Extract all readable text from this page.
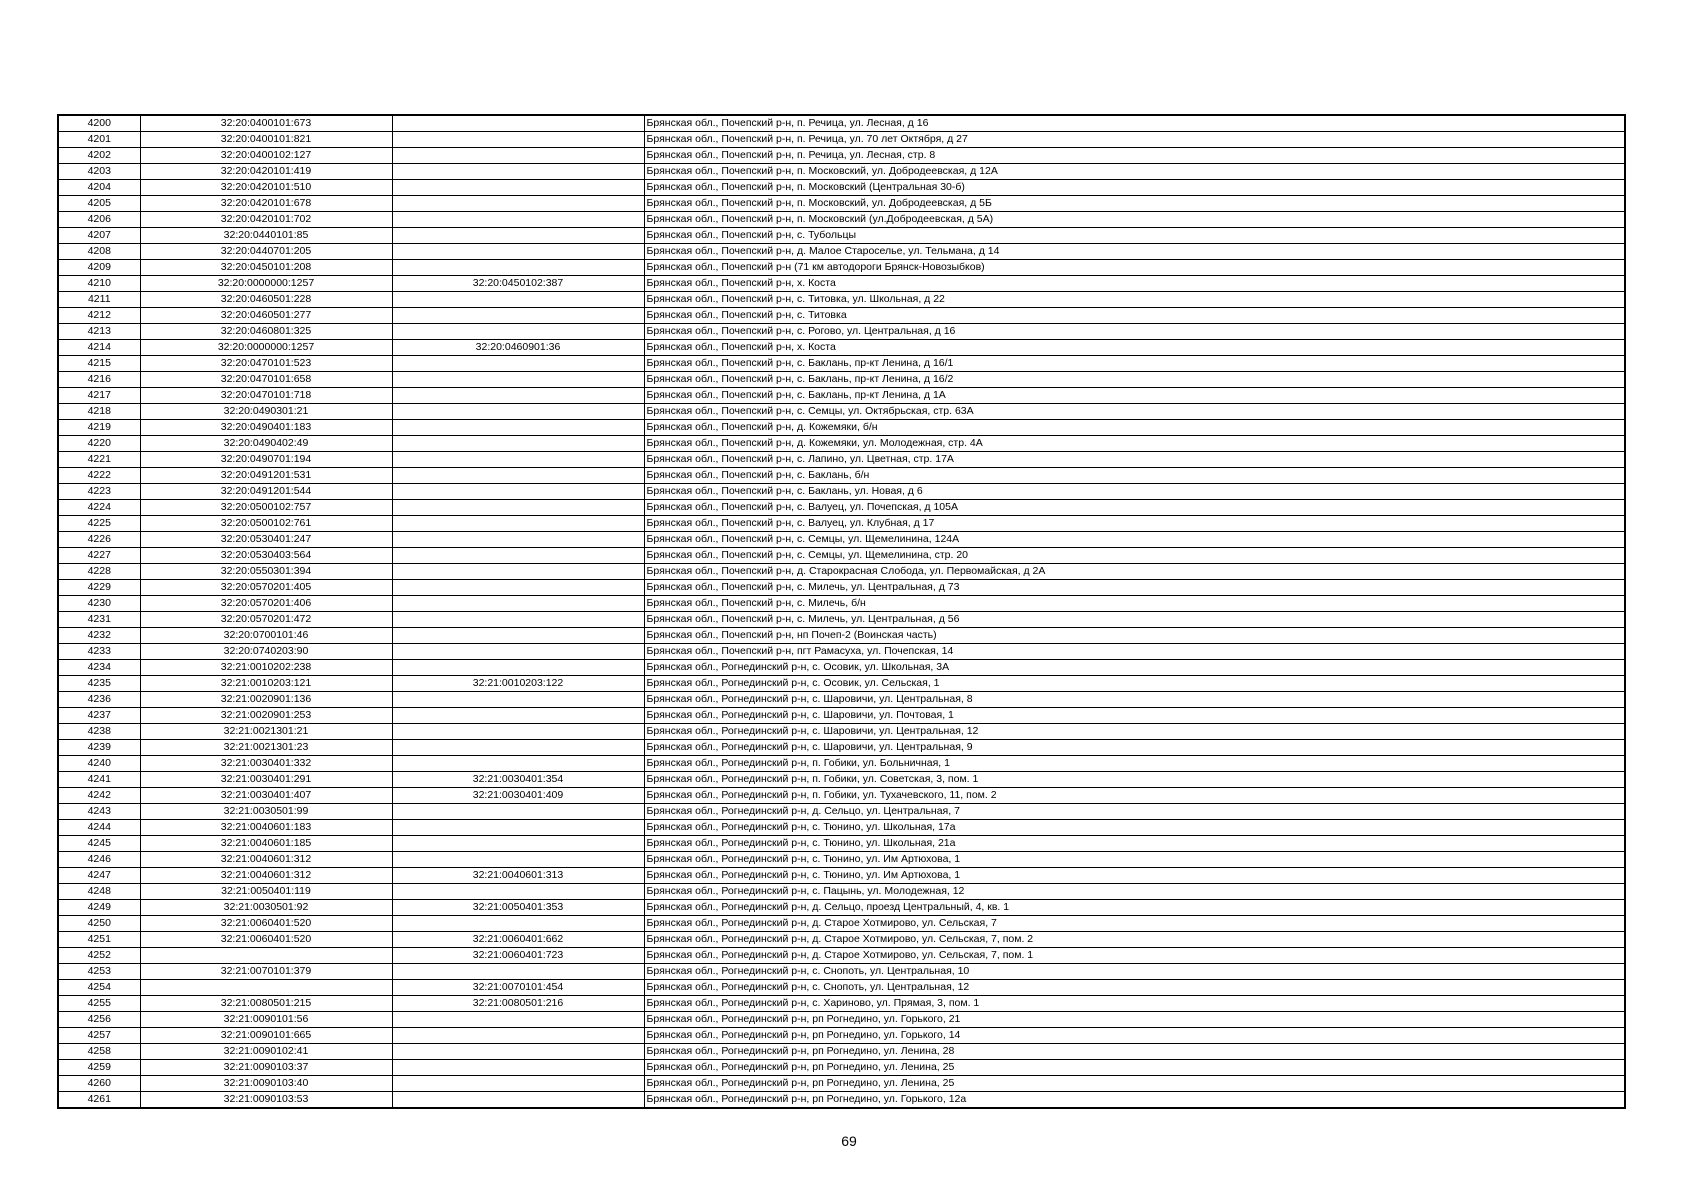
4200	32:20:0400101:673		Брянская обл., Почепский р-н, п. Речица, ул. Лесная, д 16
4201	32:20:0400101:821		Брянская обл., Почепский р-н, п. Речица, ул. 70 лет Октября, д 27
4202	32:20:0400102:127		Брянская обл., Почепский р-н, п. Речица, ул. Лесная, стр. 8
4203	32:20:0420101:419		Брянская обл., Почепский р-н, п. Московский, ул. Добродеевская, д 12А
4204	32:20:0420101:510		Брянская обл., Почепский р-н, п. Московский (Центральная 30-б)
4205	32:20:0420101:678		Брянская обл., Почепский р-н, п. Московский, ул. Добродеевская, д 5Б
4206	32:20:0420101:702		Брянская обл., Почепский р-н, п. Московский (ул.Добродеевская, д 5А)
4207	32:20:0440101:85		Брянская обл., Почепский р-н, с. Тубольцы
4208	32:20:0440701:205		Брянская обл., Почепский р-н, д. Малое Староселье, ул. Тельмана, д 14
4209	32:20:0450101:208		Брянская обл., Почепский р-н (71 км автодороги Брянск-Новозыбков)
4210	32:20:0000000:1257	32:20:0450102:387	Брянская обл., Почепский р-н, х. Коста
4211	32:20:0460501:228		Брянская обл., Почепский р-н, с. Титовка, ул. Школьная, д 22
4212	32:20:0460501:277		Брянская обл., Почепский р-н, с. Титовка
4213	32:20:0460801:325		Брянская обл., Почепский р-н, с. Рогово, ул. Центральная, д 16
4214	32:20:0000000:1257	32:20:0460901:36	Брянская обл., Почепский р-н, х. Коста
4215	32:20:0470101:523		Брянская обл., Почепский р-н, с. Баклань, пр-кт Ленина, д 16/1
4216	32:20:0470101:658		Брянская обл., Почепский р-н, с. Баклань, пр-кт Ленина, д 16/2
4217	32:20:0470101:718		Брянская обл., Почепский р-н, с. Баклань, пр-кт Ленина, д 1А
4218	32:20:0490301:21		Брянская обл., Почепский р-н, с. Семцы, ул. Октябрьская, стр. 63А
4219	32:20:0490401:183		Брянская обл., Почепский р-н, д. Кожемяки, б/н
4220	32:20:0490402:49		Брянская обл., Почепский р-н, д. Кожемяки, ул. Молодежная, стр. 4А
4221	32:20:0490701:194		Брянская обл., Почепский р-н, с. Лапино, ул. Цветная, стр. 17А
4222	32:20:0491201:531		Брянская обл., Почепский р-н, с. Баклань, б/н
4223	32:20:0491201:544		Брянская обл., Почепский р-н, с. Баклань, ул. Новая, д 6
4224	32:20:0500102:757		Брянская обл., Почепский р-н, с. Валуец, ул. Почепская, д 105А
4225	32:20:0500102:761		Брянская обл., Почепский р-н, с. Валуец, ул. Клубная, д 17
4226	32:20:0530401:247		Брянская обл., Почепский р-н, с. Семцы, ул. Щемелинина, 124А
4227	32:20:0530403:564		Брянская обл., Почепский р-н, с. Семцы, ул. Щемелинина, стр. 20
4228	32:20:0550301:394		Брянская обл., Почепский р-н, д. Старокрасная Слобода, ул. Первомайская, д 2А
4229	32:20:0570201:405		Брянская обл., Почепский р-н, с. Милечь, ул. Центральная, д 73
4230	32:20:0570201:406		Брянская обл., Почепский р-н, с. Милечь, б/н
4231	32:20:0570201:472		Брянская обл., Почепский р-н, с. Милечь, ул. Центральная, д 56
4232	32:20:0700101:46		Брянская обл., Почепский р-н, нп Почеп-2 (Воинская часть)
4233	32:20:0740203:90		Брянская обл., Почепский р-н, пгт Рамасуха, ул. Почепская, 14
4234	32:21:0010202:238		Брянская обл., Рогнединский р-н, с. Осовик, ул. Школьная, 3А
4235	32:21:0010203:121	32:21:0010203:122	Брянская обл., Рогнединский р-н, с. Осовик, ул. Сельская, 1
4236	32:21:0020901:136		Брянская обл., Рогнединский р-н, с. Шаровичи, ул. Центральная, 8
4237	32:21:0020901:253		Брянская обл., Рогнединский р-н, с. Шаровичи, ул. Почтовая, 1
4238	32:21:0021301:21		Брянская обл., Рогнединский р-н, с. Шаровичи, ул. Центральная, 12
4239	32:21:0021301:23		Брянская обл., Рогнединский р-н, с. Шаровичи, ул. Центральная, 9
4240	32:21:0030401:332		Брянская обл., Рогнединский р-н, п. Гобики, ул. Больничная, 1
4241	32:21:0030401:291	32:21:0030401:354	Брянская обл., Рогнединский р-н, п. Гобики, ул. Советская, 3, пом. 1
4242	32:21:0030401:407	32:21:0030401:409	Брянская обл., Рогнединский р-н, п. Гобики, ул. Тухачевского, 11, пом. 2
4243	32:21:0030501:99		Брянская обл., Рогнединский р-н, д. Сельцо, ул. Центральная, 7
4244	32:21:0040601:183		Брянская обл., Рогнединский р-н, с. Тюнино, ул. Школьная, 17а
4245	32:21:0040601:185		Брянская обл., Рогнединский р-н, с. Тюнино, ул. Школьная, 21а
4246	32:21:0040601:312		Брянская обл., Рогнединский р-н, с. Тюнино, ул. Им Артюхова, 1
4247	32:21:0040601:312	32:21:0040601:313	Брянская обл., Рогнединский р-н, с. Тюнино, ул. Им Артюхова, 1
4248	32:21:0050401:119		Брянская обл., Рогнединский р-н, с. Пацынь, ул. Молодежная, 12
4249	32:21:0030501:92	32:21:0050401:353	Брянская обл., Рогнединский р-н, д. Сельцо, проезд Центральный, 4, кв. 1
4250	32:21:0060401:520		Брянская обл., Рогнединский р-н, д. Старое Хотмирово, ул. Сельская, 7
4251	32:21:0060401:520	32:21:0060401:662	Брянская обл., Рогнединский р-н, д. Старое Хотмирово, ул. Сельская, 7, пом. 2
4252		32:21:0060401:723	Брянская обл., Рогнединский р-н, д. Старое Хотмирово, ул. Сельская, 7, пом. 1
4253	32:21:0070101:379		Брянская обл., Рогнединский р-н, с. Снопоть, ул. Центральная, 10
4254		32:21:0070101:454	Брянская обл., Рогнединский р-н, с. Снопоть, ул. Центральная, 12
4255	32:21:0080501:215	32:21:0080501:216	Брянская обл., Рогнединский р-н, с. Хариново, ул. Прямая, 3, пом. 1
4256	32:21:0090101:56		Брянская обл., Рогнединский р-н, рп Рогнедино, ул. Горького, 21
4257	32:21:0090101:665		Брянская обл., Рогнединский р-н, рп Рогнедино, ул. Горького, 14
4258	32:21:0090102:41		Брянская обл., Рогнединский р-н, рп Рогнедино, ул. Ленина, 28
4259	32:21:0090103:37		Брянская обл., Рогнединский р-н, рп Рогнедино, ул. Ленина, 25
4260	32:21:0090103:40		Брянская обл., Рогнединский р-н, рп Рогнедино, ул. Ленина, 25
4261	32:21:0090103:53		Брянская обл., Рогнединский р-н, рп Рогнедино, ул. Горького, 12а
69
